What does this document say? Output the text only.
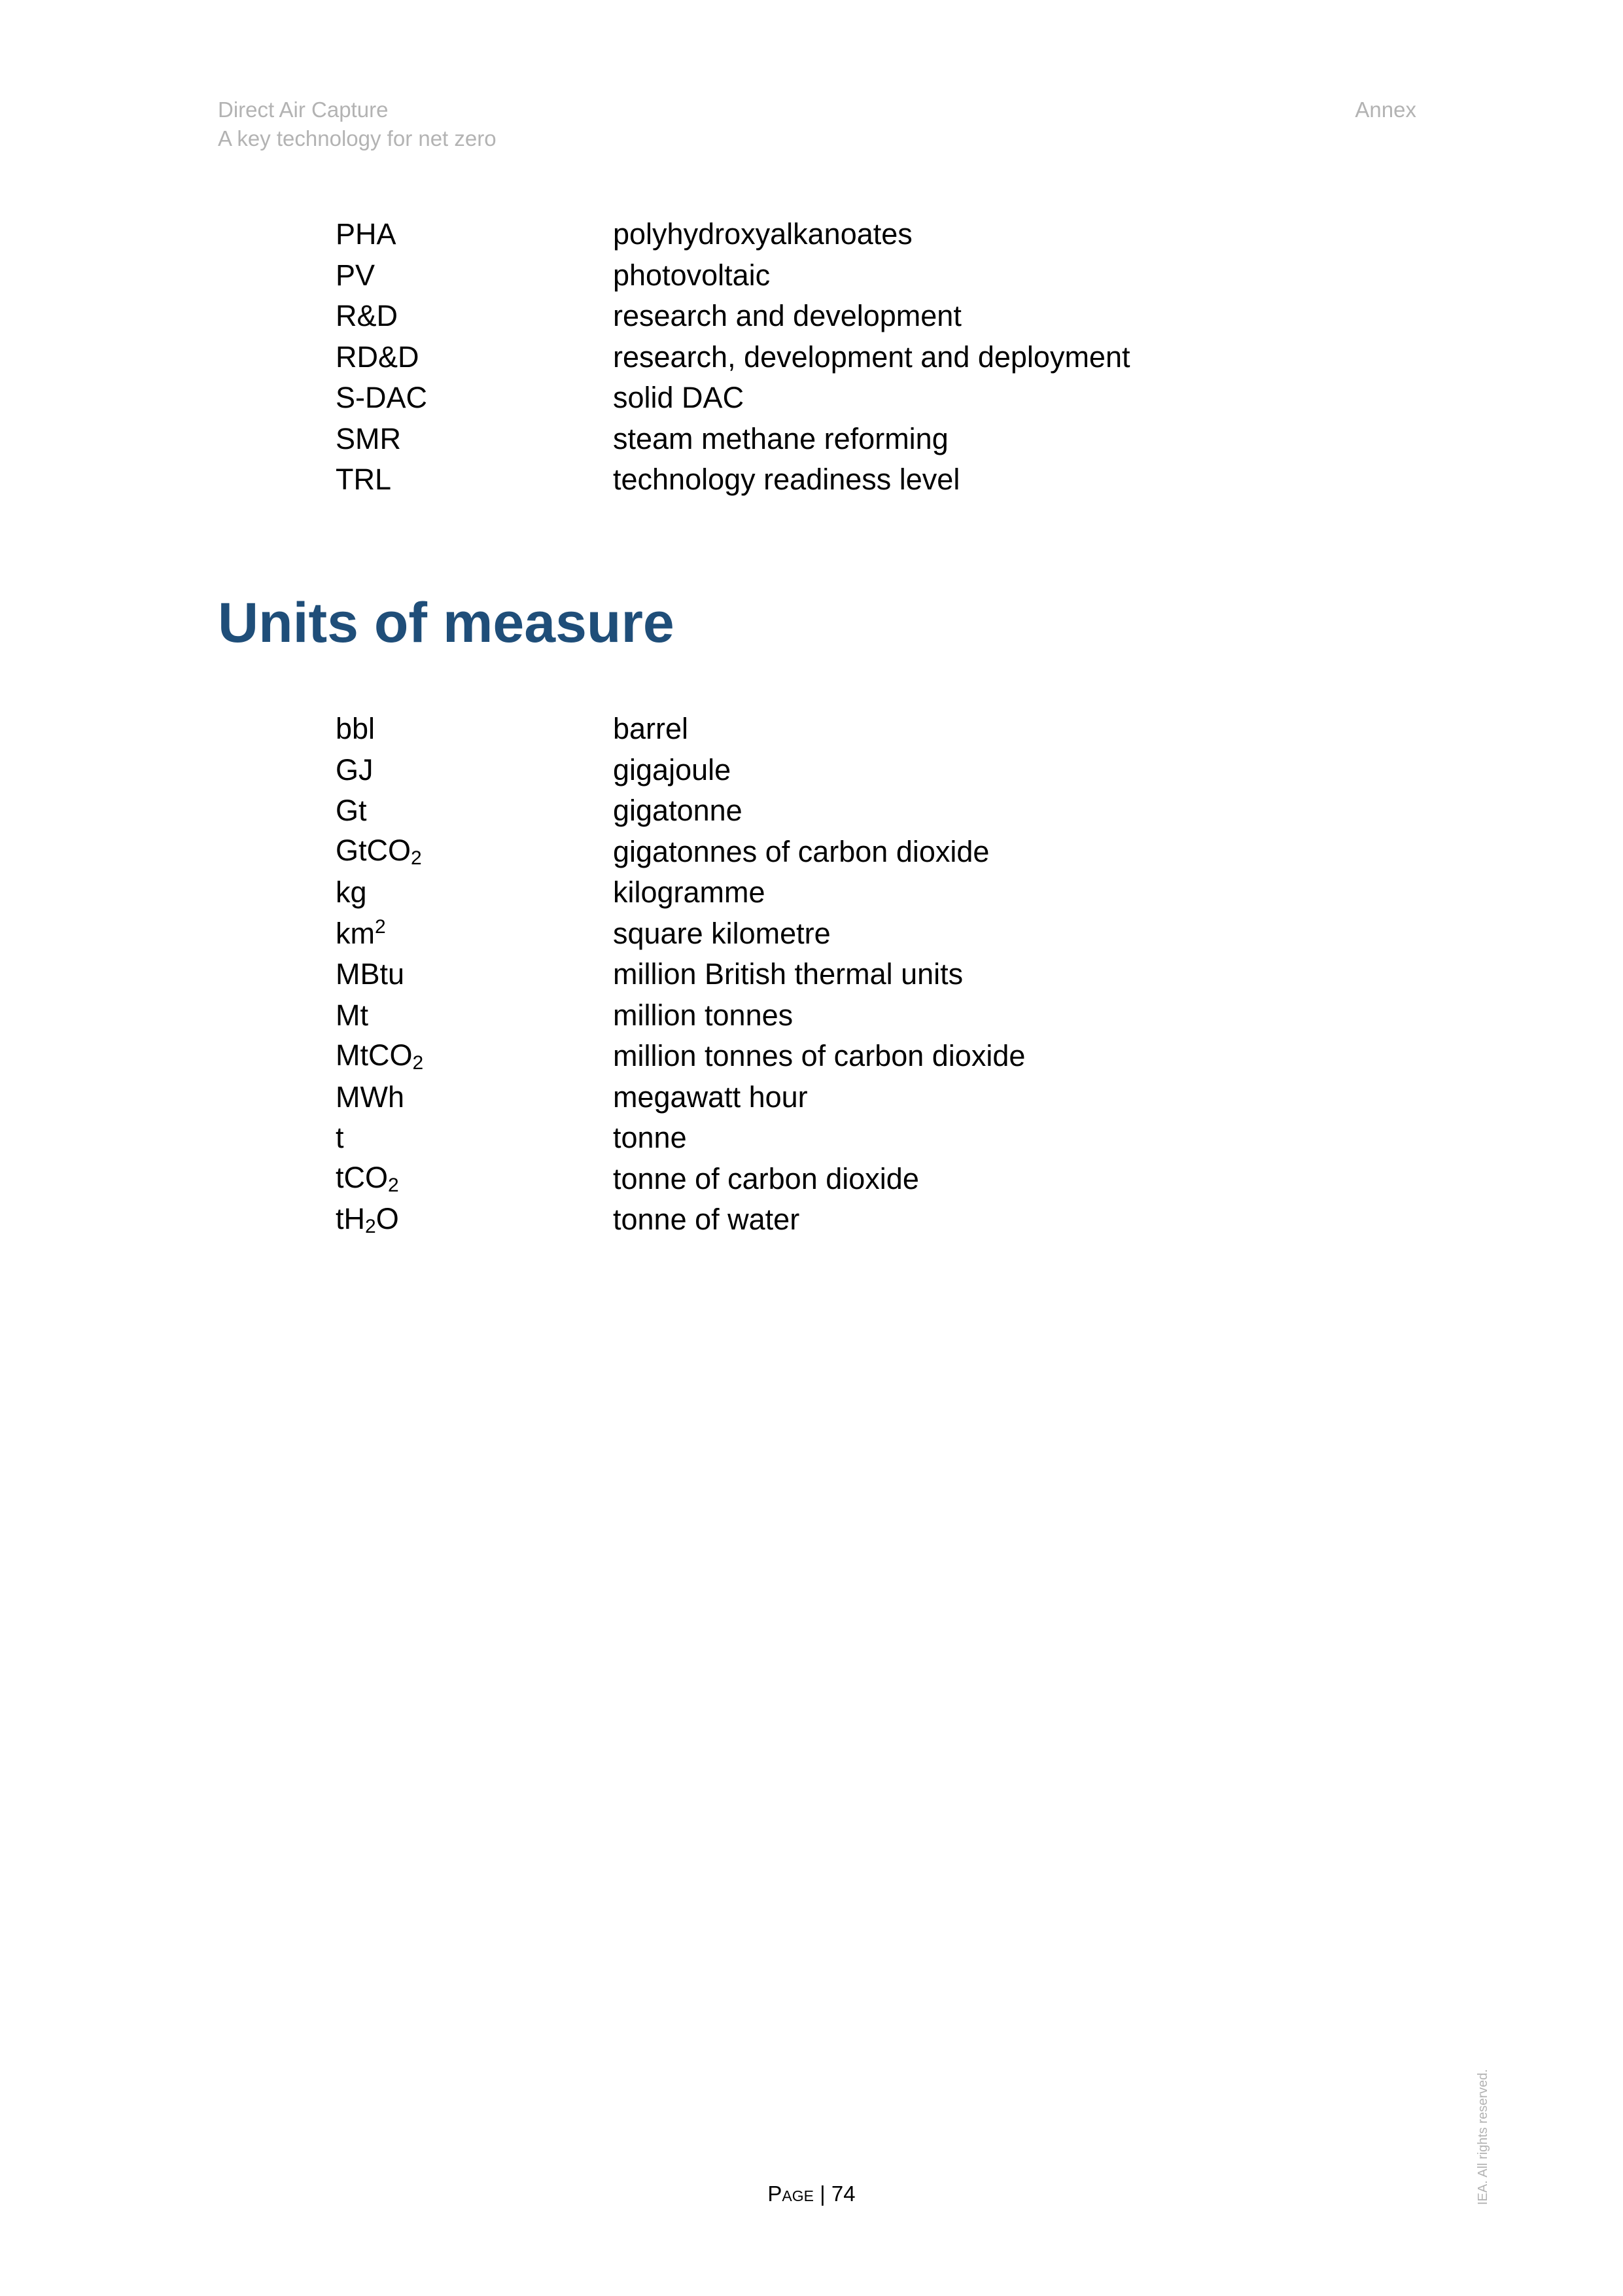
Direct Air Capture
A key technology for net zero
Annex
PHA	polyhydroxyalkanoates
PV	photovoltaic
R&D	research and development
RD&D	research, development and deployment
S-DAC	solid DAC
SMR	steam methane reforming
TRL	technology readiness level
Units of measure
bbl	barrel
GJ	gigajoule
Gt	gigatonne
GtCO$_2$	gigatonnes of carbon dioxide
kg	kilogramme
$km^2$	square kilometre
MBtu	million British thermal units
Mt	million tonnes
MtCO$_2$	million tonnes of carbon dioxide
MWh	megawatt hour
t	tonne
tCO$_2$	tonne of carbon dioxide
$tH_2O$	tonne of water
Page | 74	IEA. All rights reserved.
